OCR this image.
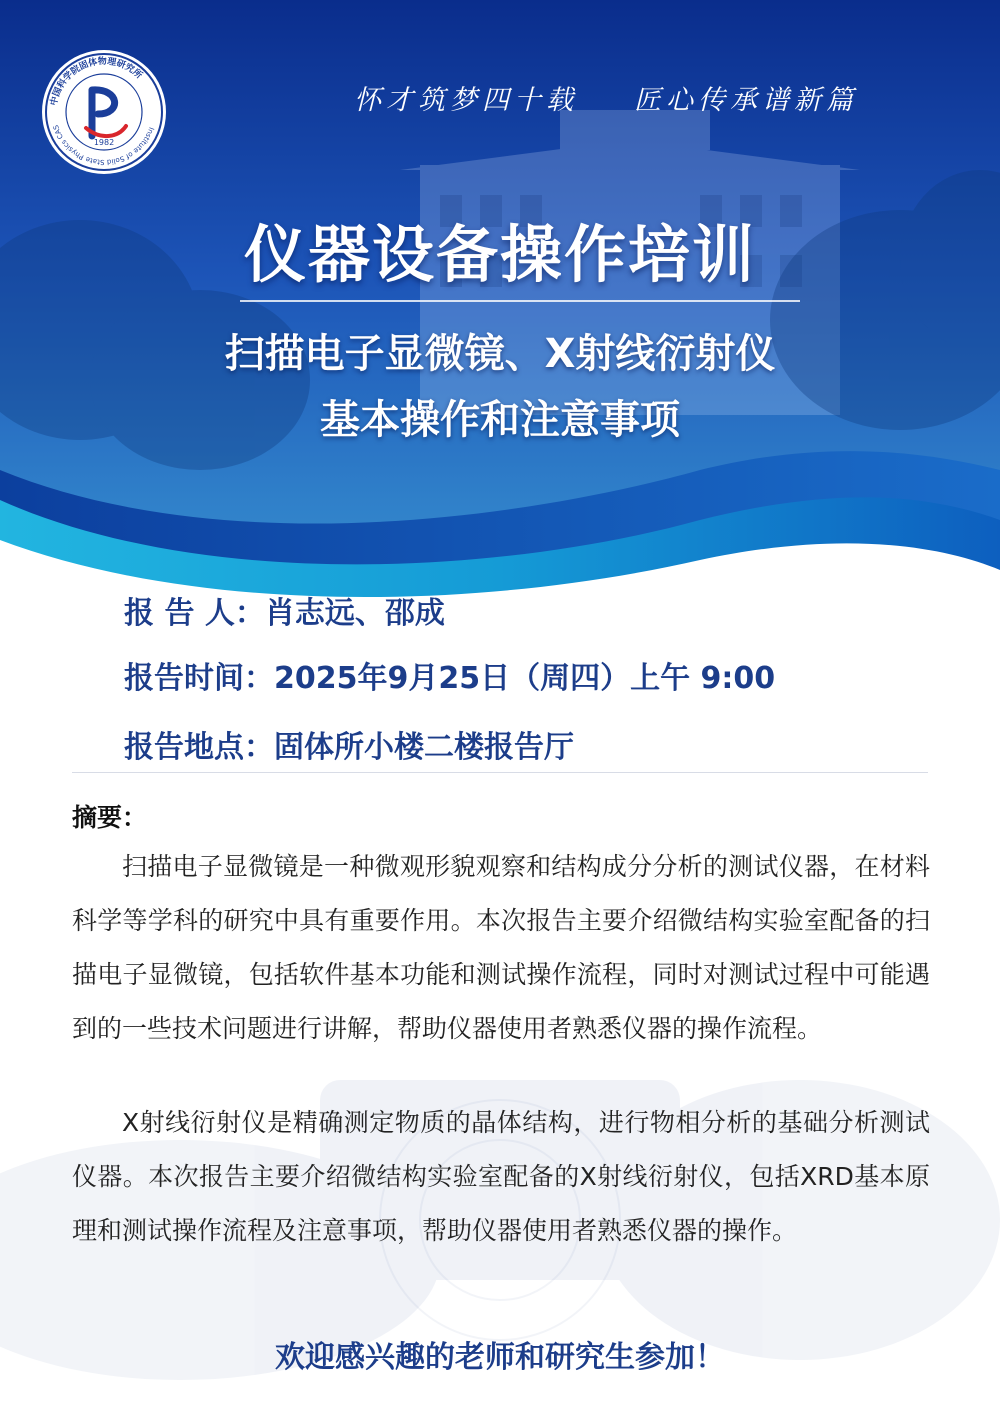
中国科学院固体物理研究所
Institute of Solid State Physics CAS
1982
怀才筑梦四十载 匠心传承谱新篇
仪器设备操作培训
扫描电子显微镜、X射线衍射仪
基本操作和注意事项
报 告 人：肖志远、邵成
报告时间：2025年9月25日（周四）上午 9:00
报告地点：固体所小楼二楼报告厅
摘要：

扫描电子显微镜是一种微观形貌观察和结构成分分析的测试仪器，在材料科学等学科的研究中具有重要作用。本次报告主要介绍微结构实验室配备的扫描电子显微镜，包括软件基本功能和测试操作流程，同时对测试过程中可能遇到的一些技术问题进行讲解，帮助仪器使用者熟悉仪器的操作流程。

X射线衍射仪是精确测定物质的晶体结构，进行物相分析的基础分析测试仪器。本次报告主要介绍微结构实验室配备的X射线衍射仪，包括XRD基本原理和测试操作流程及注意事项，帮助仪器使用者熟悉仪器的操作。

欢迎感兴趣的老师和研究生参加！
